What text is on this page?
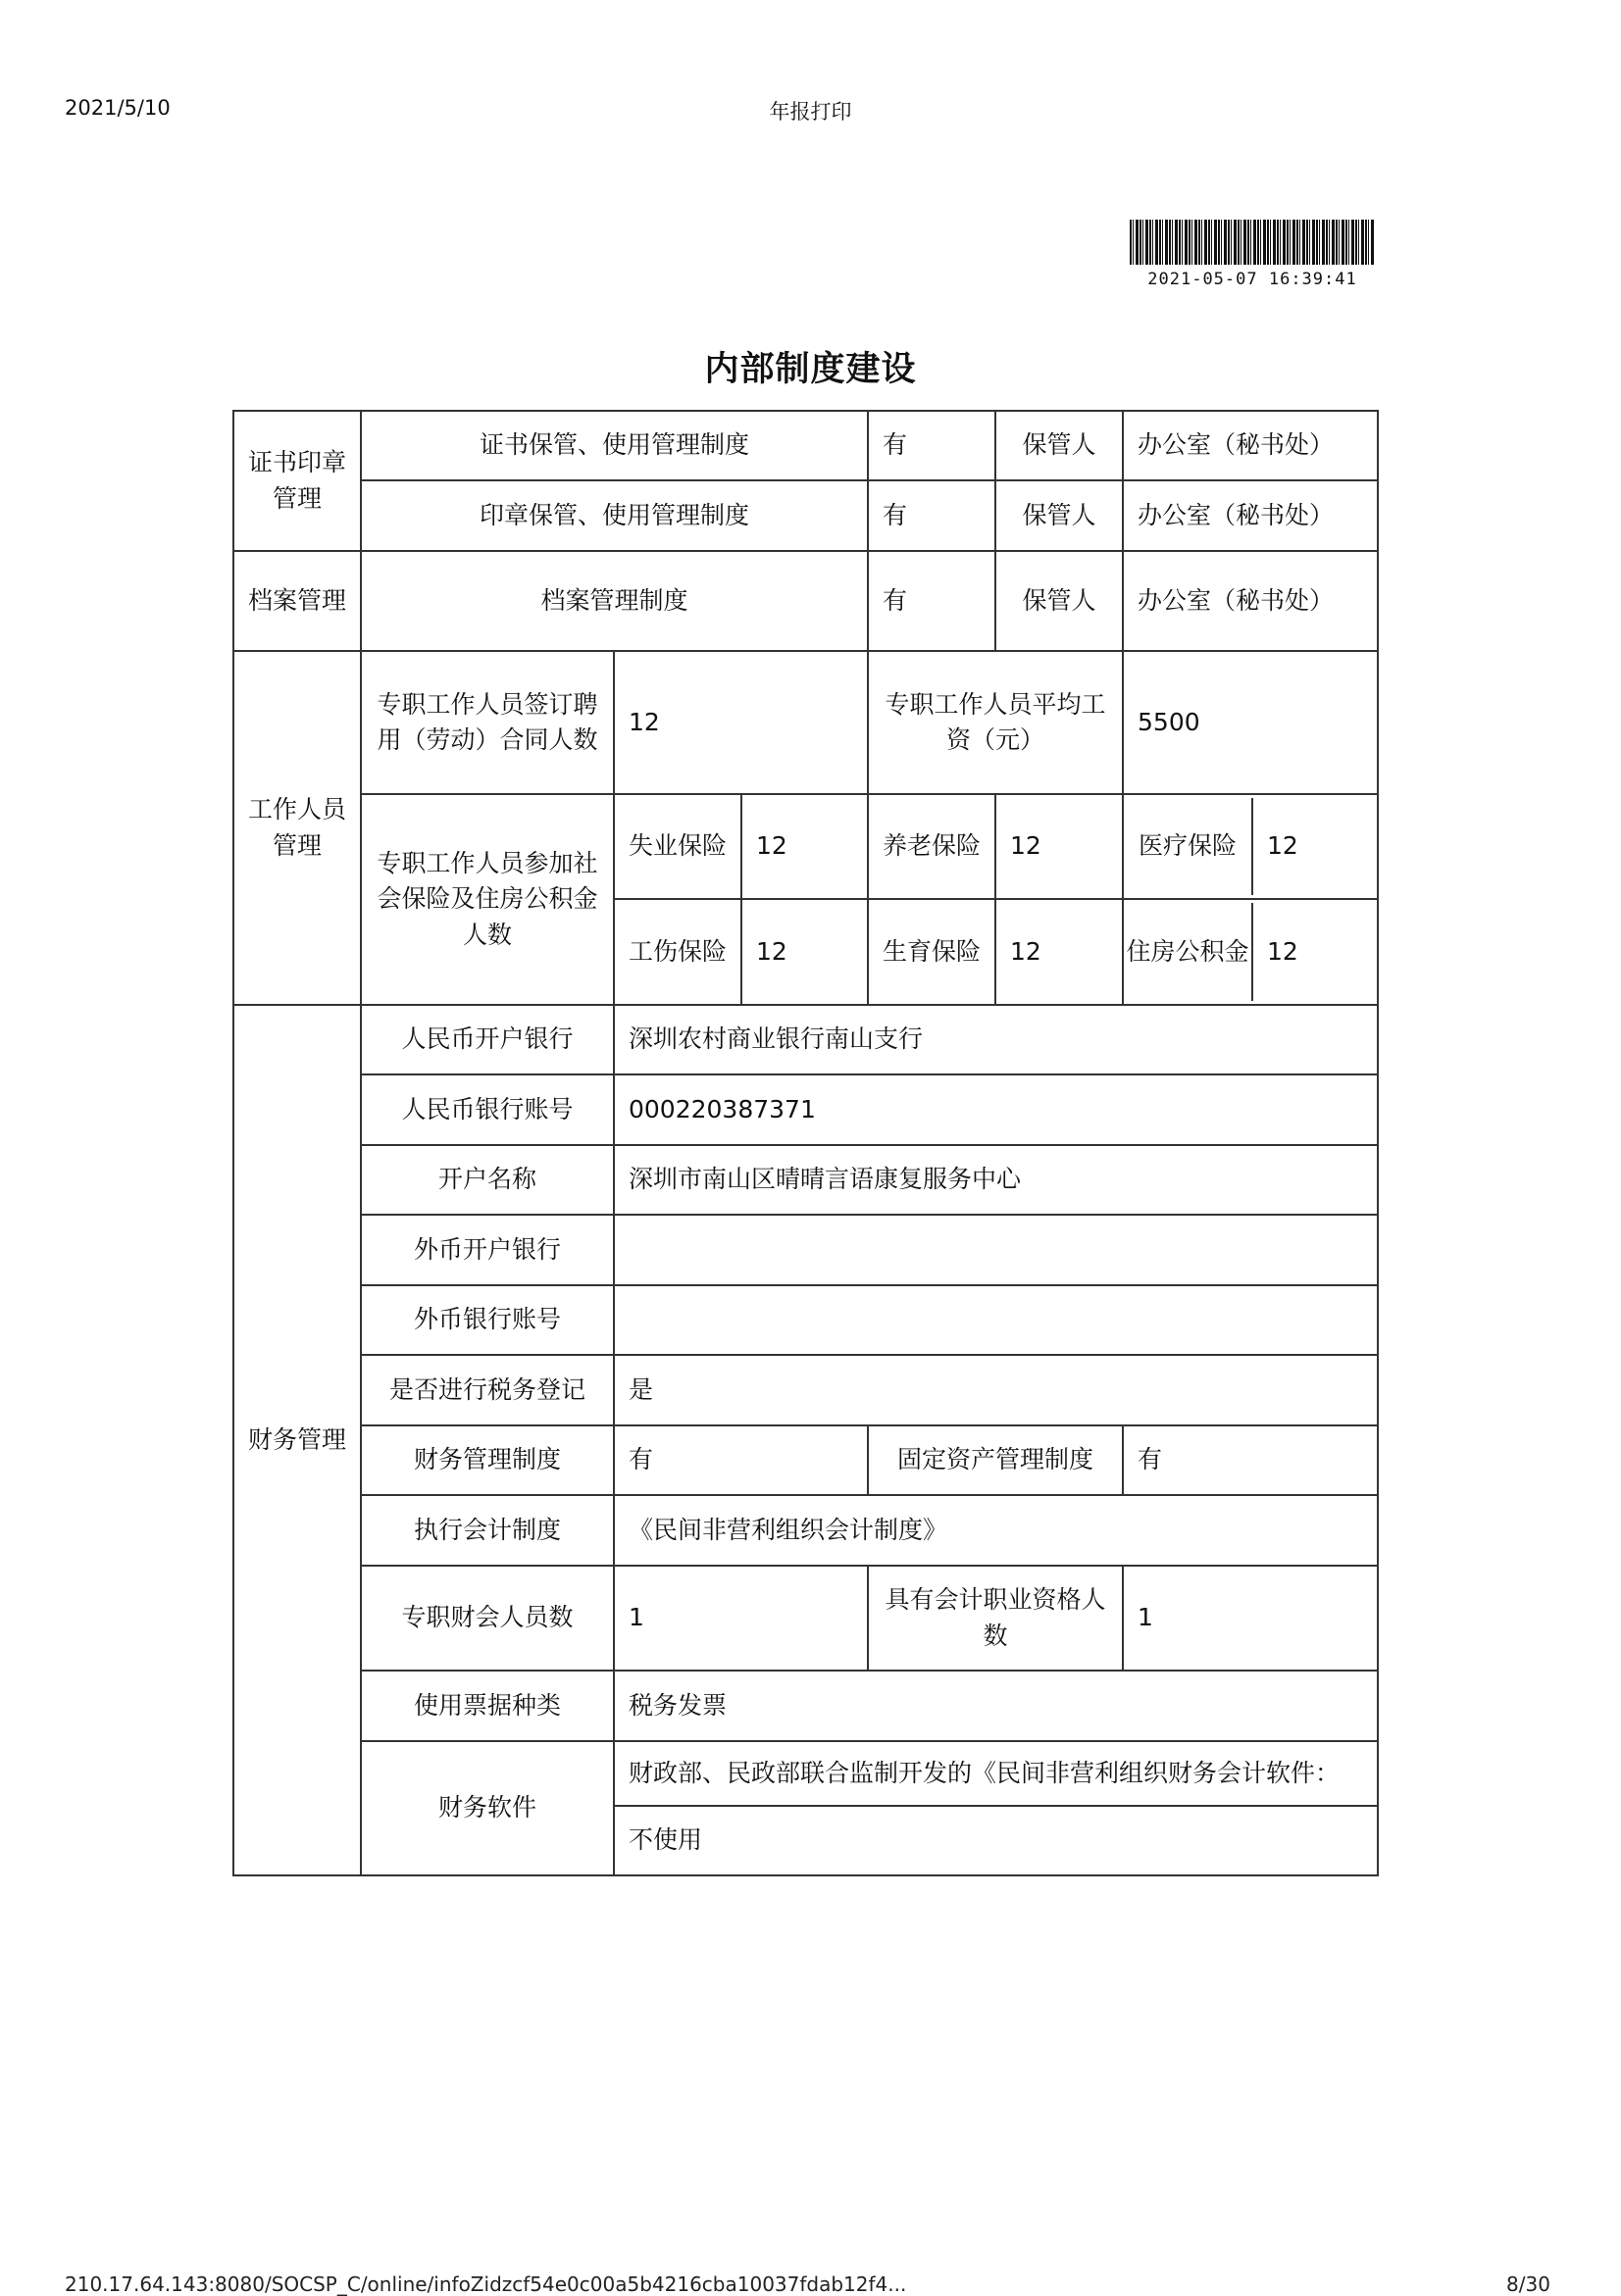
2021/5/10	年报打印
2021-05-07 16:39:41
内部制度建设
证书印章管理	证书保管、使用管理制度			有	保管人	办公室（秘书处）
	印章保管、使用管理制度			有	保管人	办公室（秘书处）
档案管理	档案管理制度			有	保管人	办公室（秘书处）
工作人员管理	专职工作人员签订聘用（劳动）合同人数	12		专职工作人员平均工资（元）		5500
	专职工作人员参加社会保险及住房公积金人数	失业保险	12	养老保险	12	医疗保险 12

		工伤保险	12	生育保险	12	住房公积金 12

财务管理	人民币开户银行	深圳农村商业银行南山支行				
	人民币银行账号	000220387371				
	开户名称	深圳市南山区晴晴言语康复服务中心				
	外币开户银行					
	外币银行账号					
	是否进行税务登记	是				
	财务管理制度	有		固定资产管理制度		有
	执行会计制度	《民间非营利组织会计制度》				
	专职财会人员数	1		具有会计职业资格人数		1
	使用票据种类	税务发票				
	财务软件	财政部、民政部联合监制开发的《民间非营利组织财务会计软件：				
		不使用				
210.17.64.143:8080/SOCSP_C/online/infoZidzcf54e0c00a5b4216cba10037fdab12f4...	8/30
